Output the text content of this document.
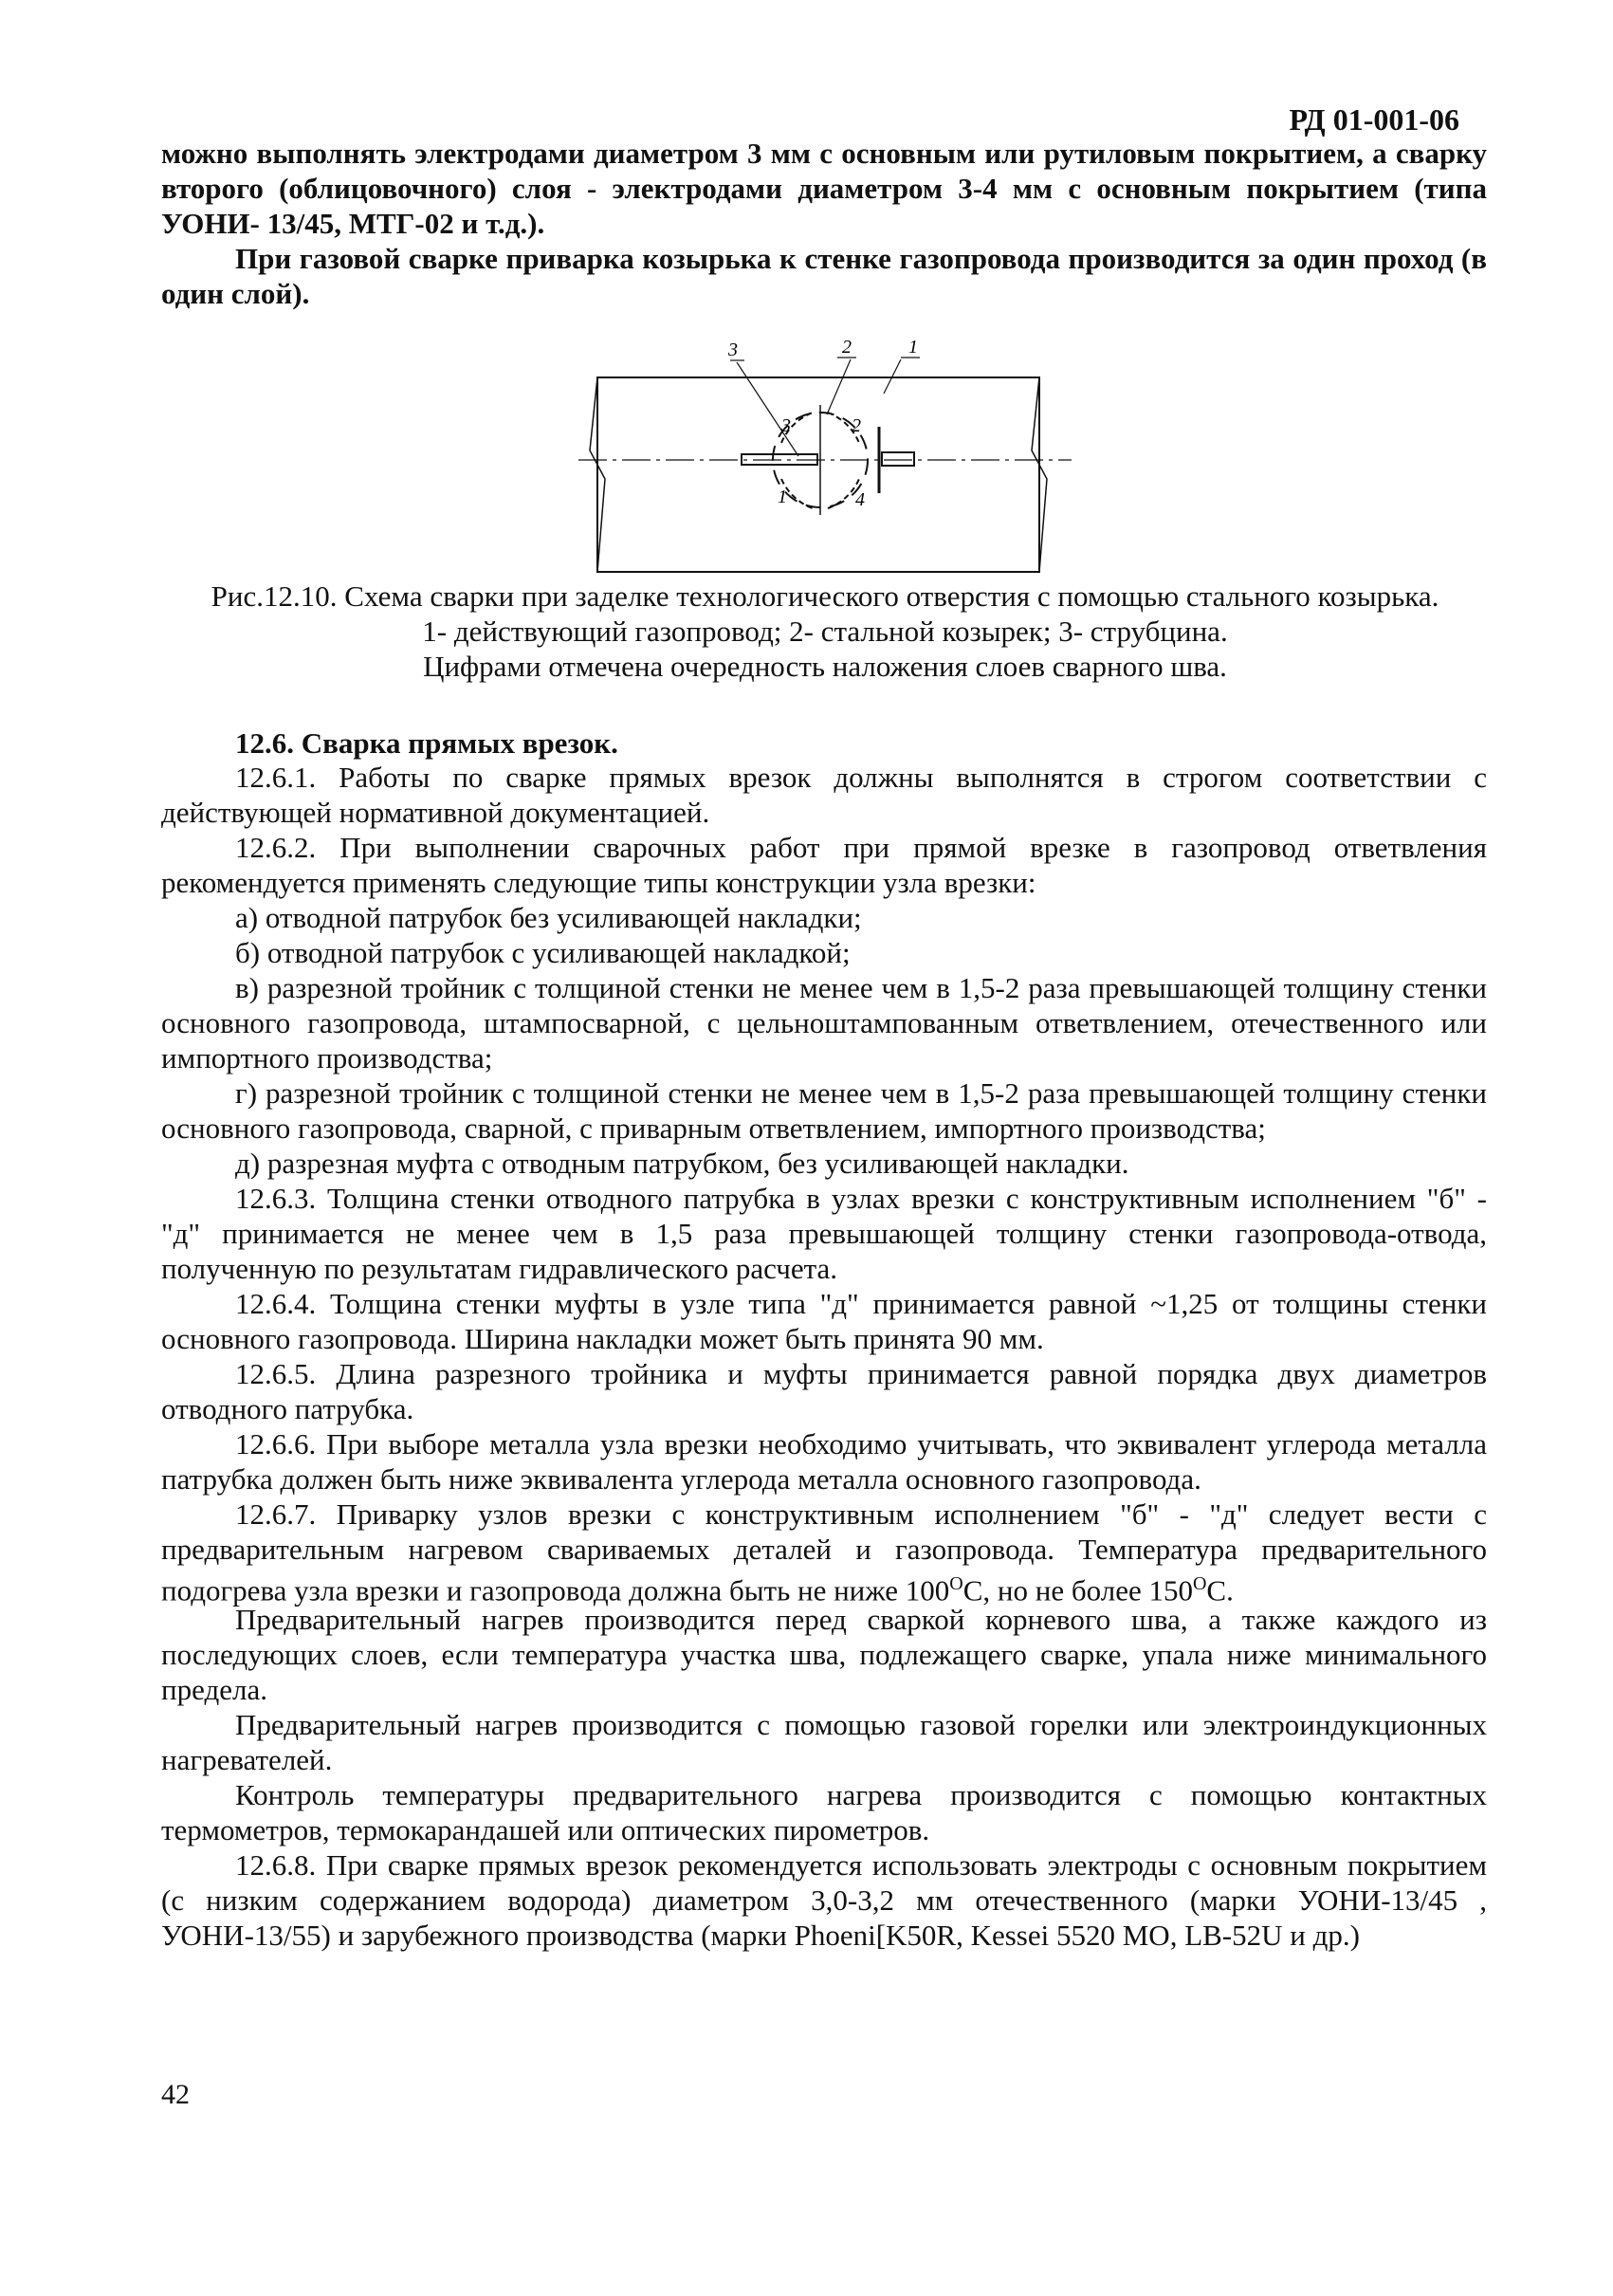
РД 01-001-06

можно выполнять электродами диаметром 3 мм с основным или рутиловым покрытием, а сварку второго (облицовочного) слоя - электродами диаметром 3-4 мм с основным покрытием (типа УОНИ- 13/45, МТГ-02 и т.д.).

При газовой сварке приварка козырька к стенке газопровода производится за один проход (в один слой).

3	2	1
3	2
1	4
Рис.12.10. Схема сварки при заделке технологического отверстия с помощью стального козырька.
1- действующий газопровод; 2- стальной козырек; 3- струбцина.
Цифрами отмечена очередность наложения слоев сварного шва.

12.6. Сварка прямых врезок.

12.6.1. Работы по сварке прямых врезок должны выполнятся в строгом соответствии с действующей нормативной документацией.

12.6.2. При выполнении сварочных работ при прямой врезке в газопровод ответвления рекомендуется применять следующие типы конструкции узла врезки:

а) отводной патрубок без усиливающей накладки;

б) отводной патрубок с усиливающей накладкой;

в) разрезной тройник с толщиной стенки не менее чем в 1,5-2 раза превышающей толщину стенки основного газопровода, штампосварной, с цельноштампованным ответвлением, отечественного или импортного производства;

г) разрезной тройник с толщиной стенки не менее чем в 1,5-2 раза превышающей толщину стенки основного газопровода, сварной, с приварным ответвлением, импортного производства;

д) разрезная муфта с отводным патрубком, без усиливающей накладки.

12.6.3. Толщина стенки отводного патрубка в узлах врезки с конструктивным исполнением "б" - "д" принимается не менее чем в 1,5 раза превышающей толщину стенки газопровода-отвода, полученную по результатам гидравлического расчета.

12.6.4. Толщина стенки муфты в узле типа "д" принимается равной ~1,25 от толщины стенки основного газопровода. Ширина накладки может быть принята 90 мм.

12.6.5. Длина разрезного тройника и муфты принимается равной порядка двух диаметров отводного патрубка.

12.6.6. При выборе металла узла врезки необходимо учитывать, что эквивалент углерода металла патрубка должен быть ниже эквивалента углерода металла основного газопровода.

12.6.7. Приварку узлов врезки с конструктивным исполнением "б" - "д" следует вести с предварительным нагревом свариваемых деталей и газопровода. Температура предварительного подогрева узла врезки и газопровода должна быть не ниже $100^OС$, но не более $150^OС$.

Предварительный нагрев производится перед сваркой корневого шва, а также каждого из последующих слоев, если температура участка шва, подлежащего сварке, упала ниже минимального предела.

Предварительный нагрев производится с помощью газовой горелки или электроиндукционных нагревателей.

Контроль температуры предварительного нагрева производится с помощью контактных термометров, термокарандашей или оптических пирометров.

12.6.8. При сварке прямых врезок рекомендуется использовать электроды с основным покрытием (с низким содержанием водорода) диаметром 3,0-3,2 мм отечественного (марки УОНИ-13/45 , УОНИ-13/55) и зарубежного производства (марки Phoeni[K50R, Kessei 5520 МО, LB-52U и др.)

42
